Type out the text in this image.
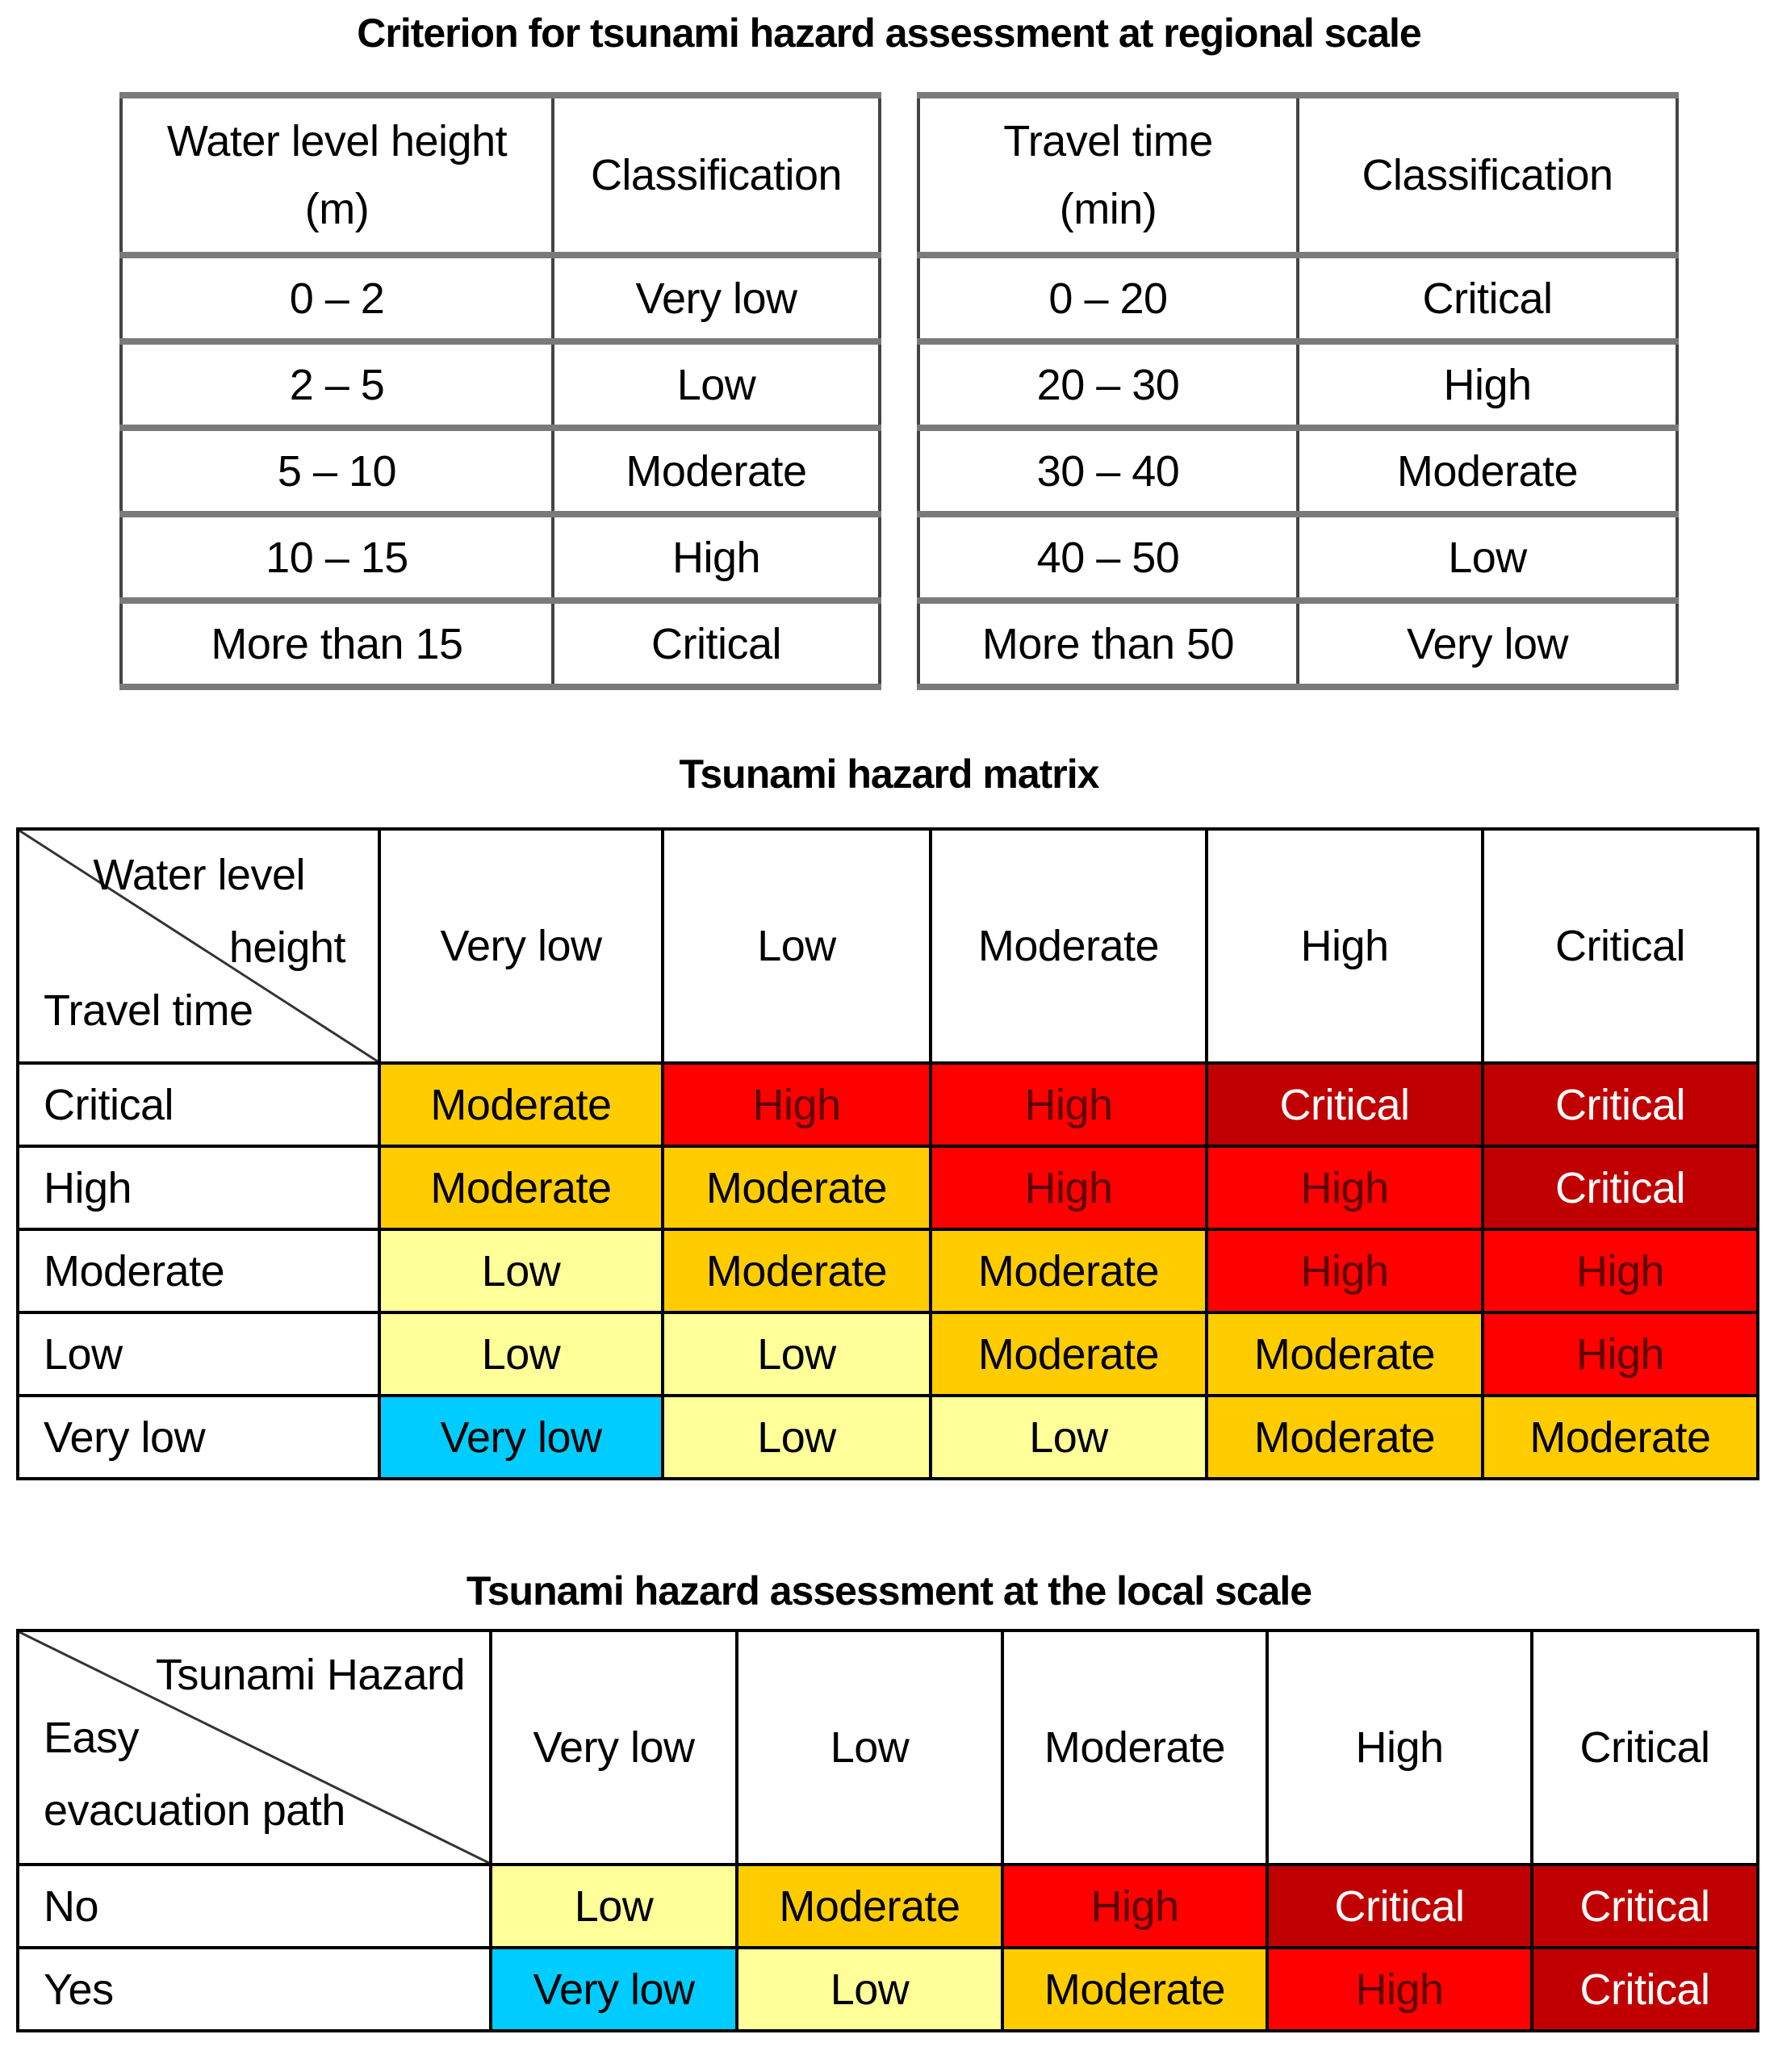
Criterion for tsunami hazard assessment at regional scale
Water level height
(m)	Classification
0 – 2	Very low
2 – 5	Low
5 – 10	Moderate
10 – 15	High
More than 15	Critical
Travel time
(min)	Classification
0 – 20	Critical
20 – 30	High
30 – 40	Moderate
40 – 50	Low
More than 50	Very low
Tsunami hazard matrix
Water level
height
Travel time	Very low	Low	Moderate	High	Critical
Critical	Moderate	High	High	Critical	Critical
High	Moderate	Moderate	High	High	Critical
Moderate	Low	Moderate	Moderate	High	High
Low	Low	Low	Moderate	Moderate	High
Very low	Very low	Low	Low	Moderate	Moderate
Tsunami hazard assessment at the local scale
Tsunami Hazard
Easy
evacuation path	Very low	Low	Moderate	High	Critical
No	Low	Moderate	High	Critical	Critical
Yes	Very low	Low	Moderate	High	Critical
